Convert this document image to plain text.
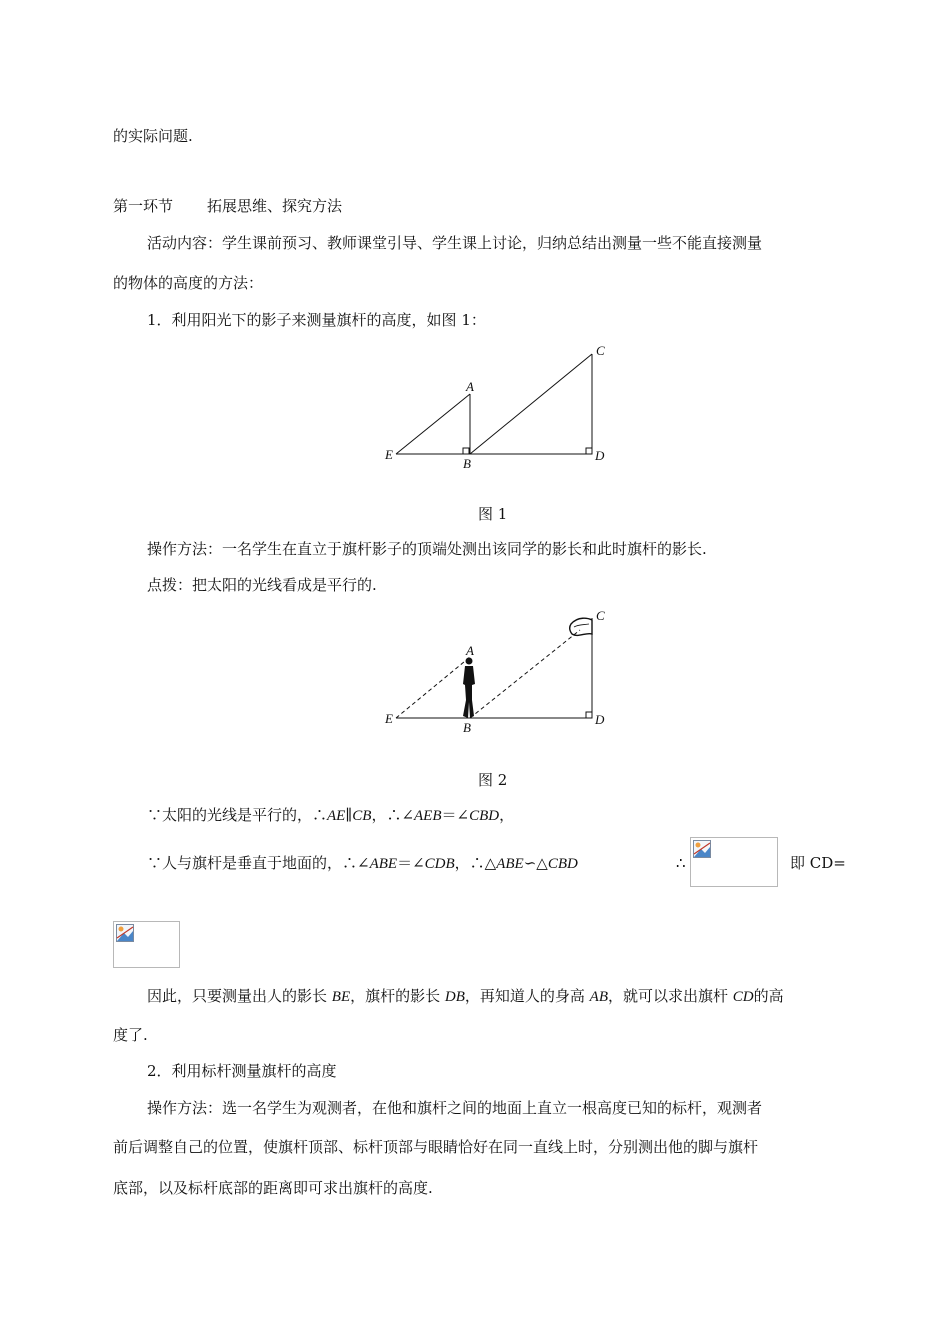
的实际问题.
第一环节 拓展思维、探究方法
活动内容：学生课前预习、教师课堂引导、学生课上讨论，归纳总结出测量一些不能直接测量
的物体的高度的方法：
1．利用阳光下的影子来测量旗杆的高度，如图 1：
A
E
B
C
D
图 1
操作方法：一名学生在直立于旗杆影子的顶端处测出该同学的影长和此时旗杆的影长.
点拨：把太阳的光线看成是平行的.
A
E
B
C
D
图 2
∵太阳的光线是平行的，∴AE∥CB，∴∠AEB＝∠CBD，
∵人与旗杆是垂直于地面的，∴∠ABE＝∠CDB，∴△ABE∽△CBD	∴	即 CD=
因此，只要测量出人的影长 BE，旗杆的影长 DB，再知道人的身高 AB，就可以求出旗杆 CD的高
度了.
2．利用标杆测量旗杆的高度
操作方法：选一名学生为观测者，在他和旗杆之间的地面上直立一根高度已知的标杆，观测者
前后调整自己的位置，使旗杆顶部、标杆顶部与眼睛恰好在同一直线上时，分别测出他的脚与旗杆
底部，以及标杆底部的距离即可求出旗杆的高度.
